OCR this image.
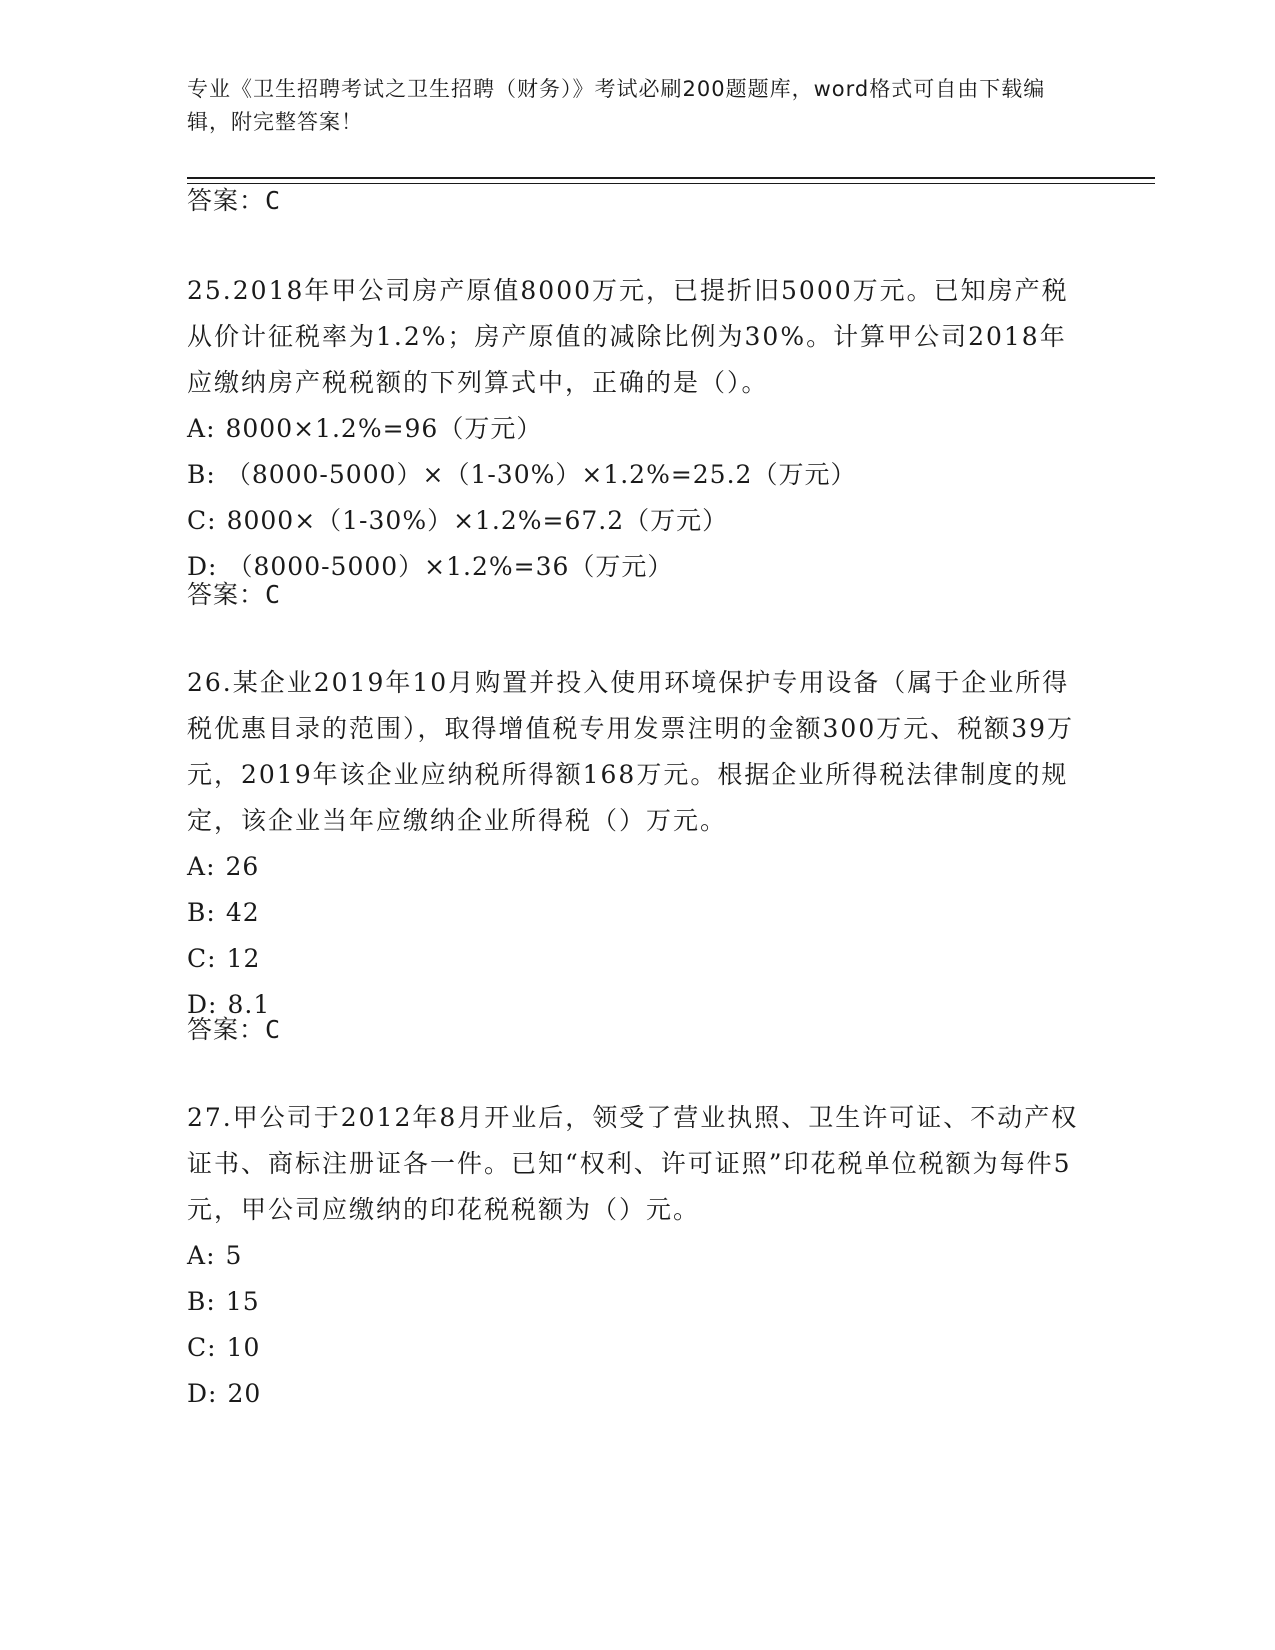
专业《卫生招聘考试之卫生招聘（财务）》考试必刷200题题库，word格式可自由下载编辑，附完整答案！
答案：C

25.2018年甲公司房产原值8000万元，已提折旧5000万元。已知房产税从价计征税率为1.2%；房产原值的减除比例为30%。计算甲公司2018年应缴纳房产税税额的下列算式中，正确的是（）。

A: 8000×1.2%=96（万元）

B: （8000-5000）×（1-30%）×1.2%=25.2（万元）

C: 8000×（1-30%）×1.2%=67.2（万元）

D: （8000-5000）×1.2%=36（万元）

答案：C

26.某企业2019年10月购置并投入使用环境保护专用设备（属于企业所得税优惠目录的范围），取得增值税专用发票注明的金额300万元、税额39万元，2019年该企业应纳税所得额168万元。根据企业所得税法律制度的规定，该企业当年应缴纳企业所得税（）万元。

A: 26

B: 42

C: 12

D: 8.1

答案：C

27.甲公司于2012年8月开业后，领受了营业执照、卫生许可证、不动产权证书、商标注册证各一件。已知“权利、许可证照”印花税单位税额为每件5元，甲公司应缴纳的印花税税额为（）元。

A: 5

B: 15

C: 10

D: 20
